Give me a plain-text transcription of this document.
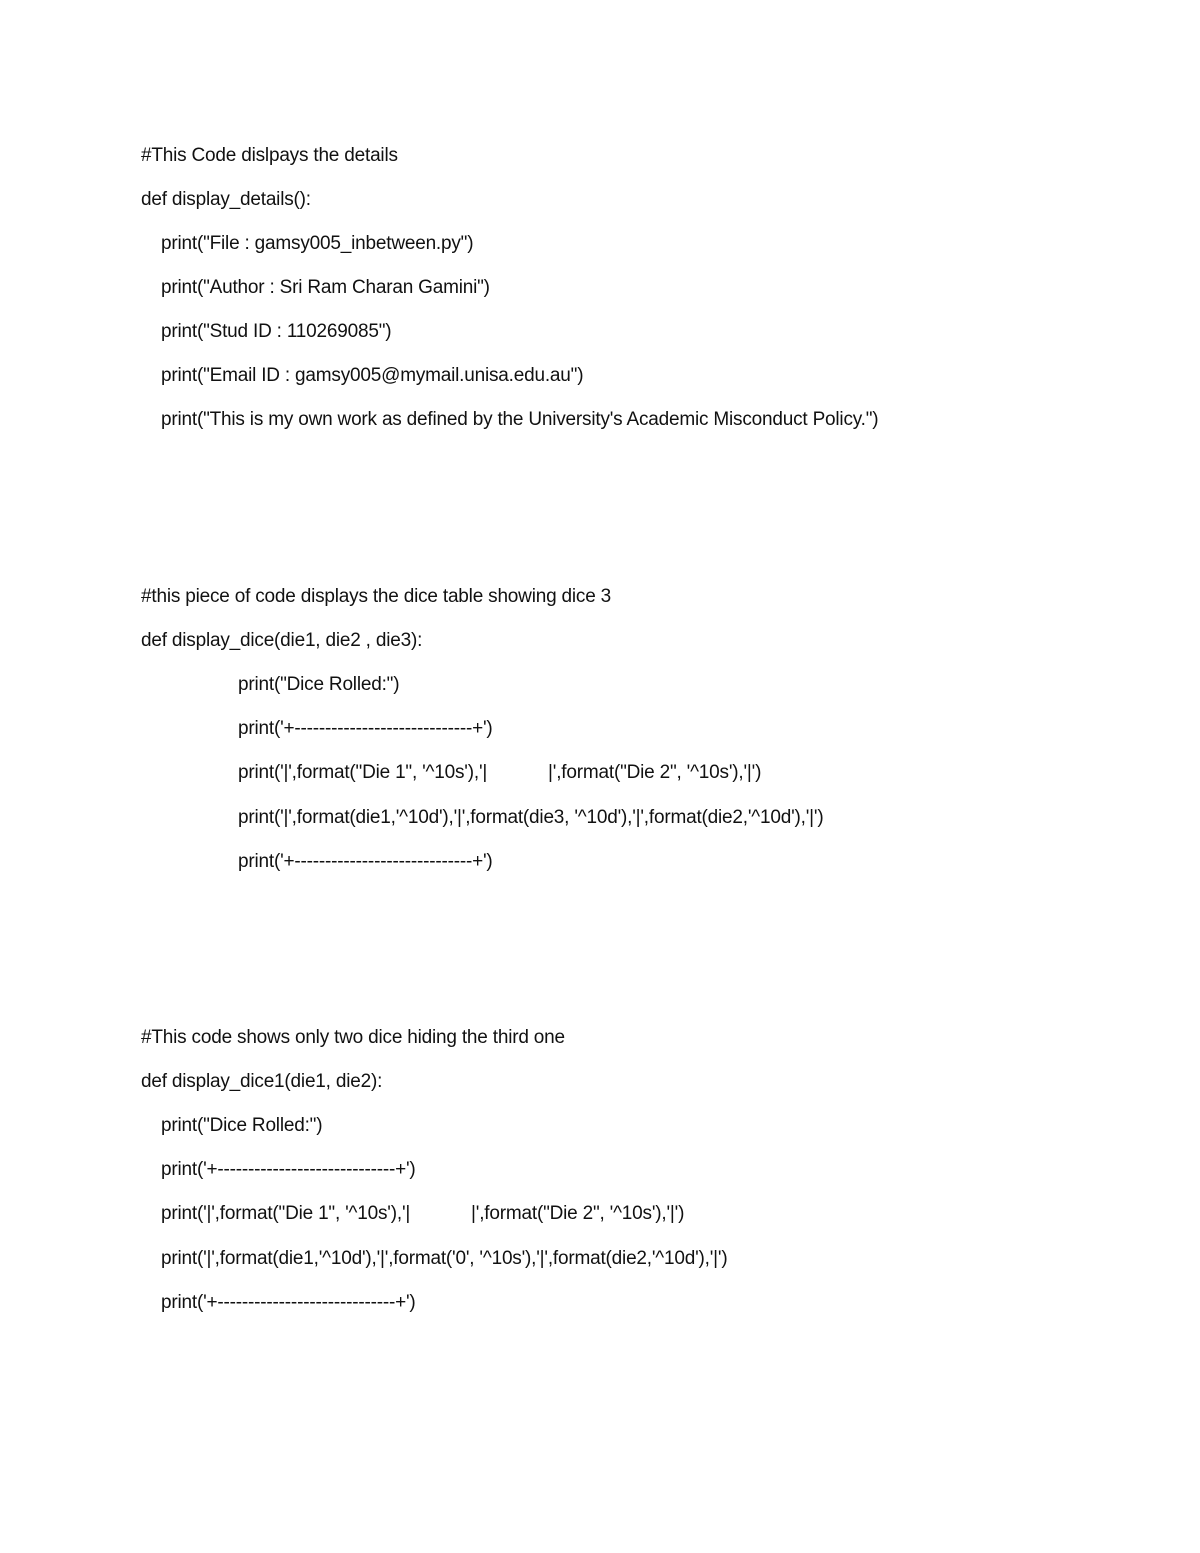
#This Code dislpays the details
def display_details():
print("File : gamsy005_inbetween.py")
print("Author : Sri Ram Charan Gamini")
print("Stud ID : 110269085")
print("Email ID : gamsy005@mymail.unisa.edu.au")
print("This is my own work as defined by the University's Academic Misconduct Policy.")
#this piece of code displays the dice table showing dice 3
def display_dice(die1, die2 , die3):
print("Dice Rolled:")
print('+-----------------------------+')
print('|',format("Die 1", '^10s'),'|            |',format("Die 2", '^10s'),'|')
print('|',format(die1,'^10d'),'|',format(die3, '^10d'),'|',format(die2,'^10d'),'|')
print('+-----------------------------+')
#This code shows only two dice hiding the third one
def display_dice1(die1, die2):
print("Dice Rolled:")
print('+-----------------------------+')
print('|',format("Die 1", '^10s'),'|            |',format("Die 2", '^10s'),'|')
print('|',format(die1,'^10d'),'|',format('0', '^10s'),'|',format(die2,'^10d'),'|')
print('+-----------------------------+')
